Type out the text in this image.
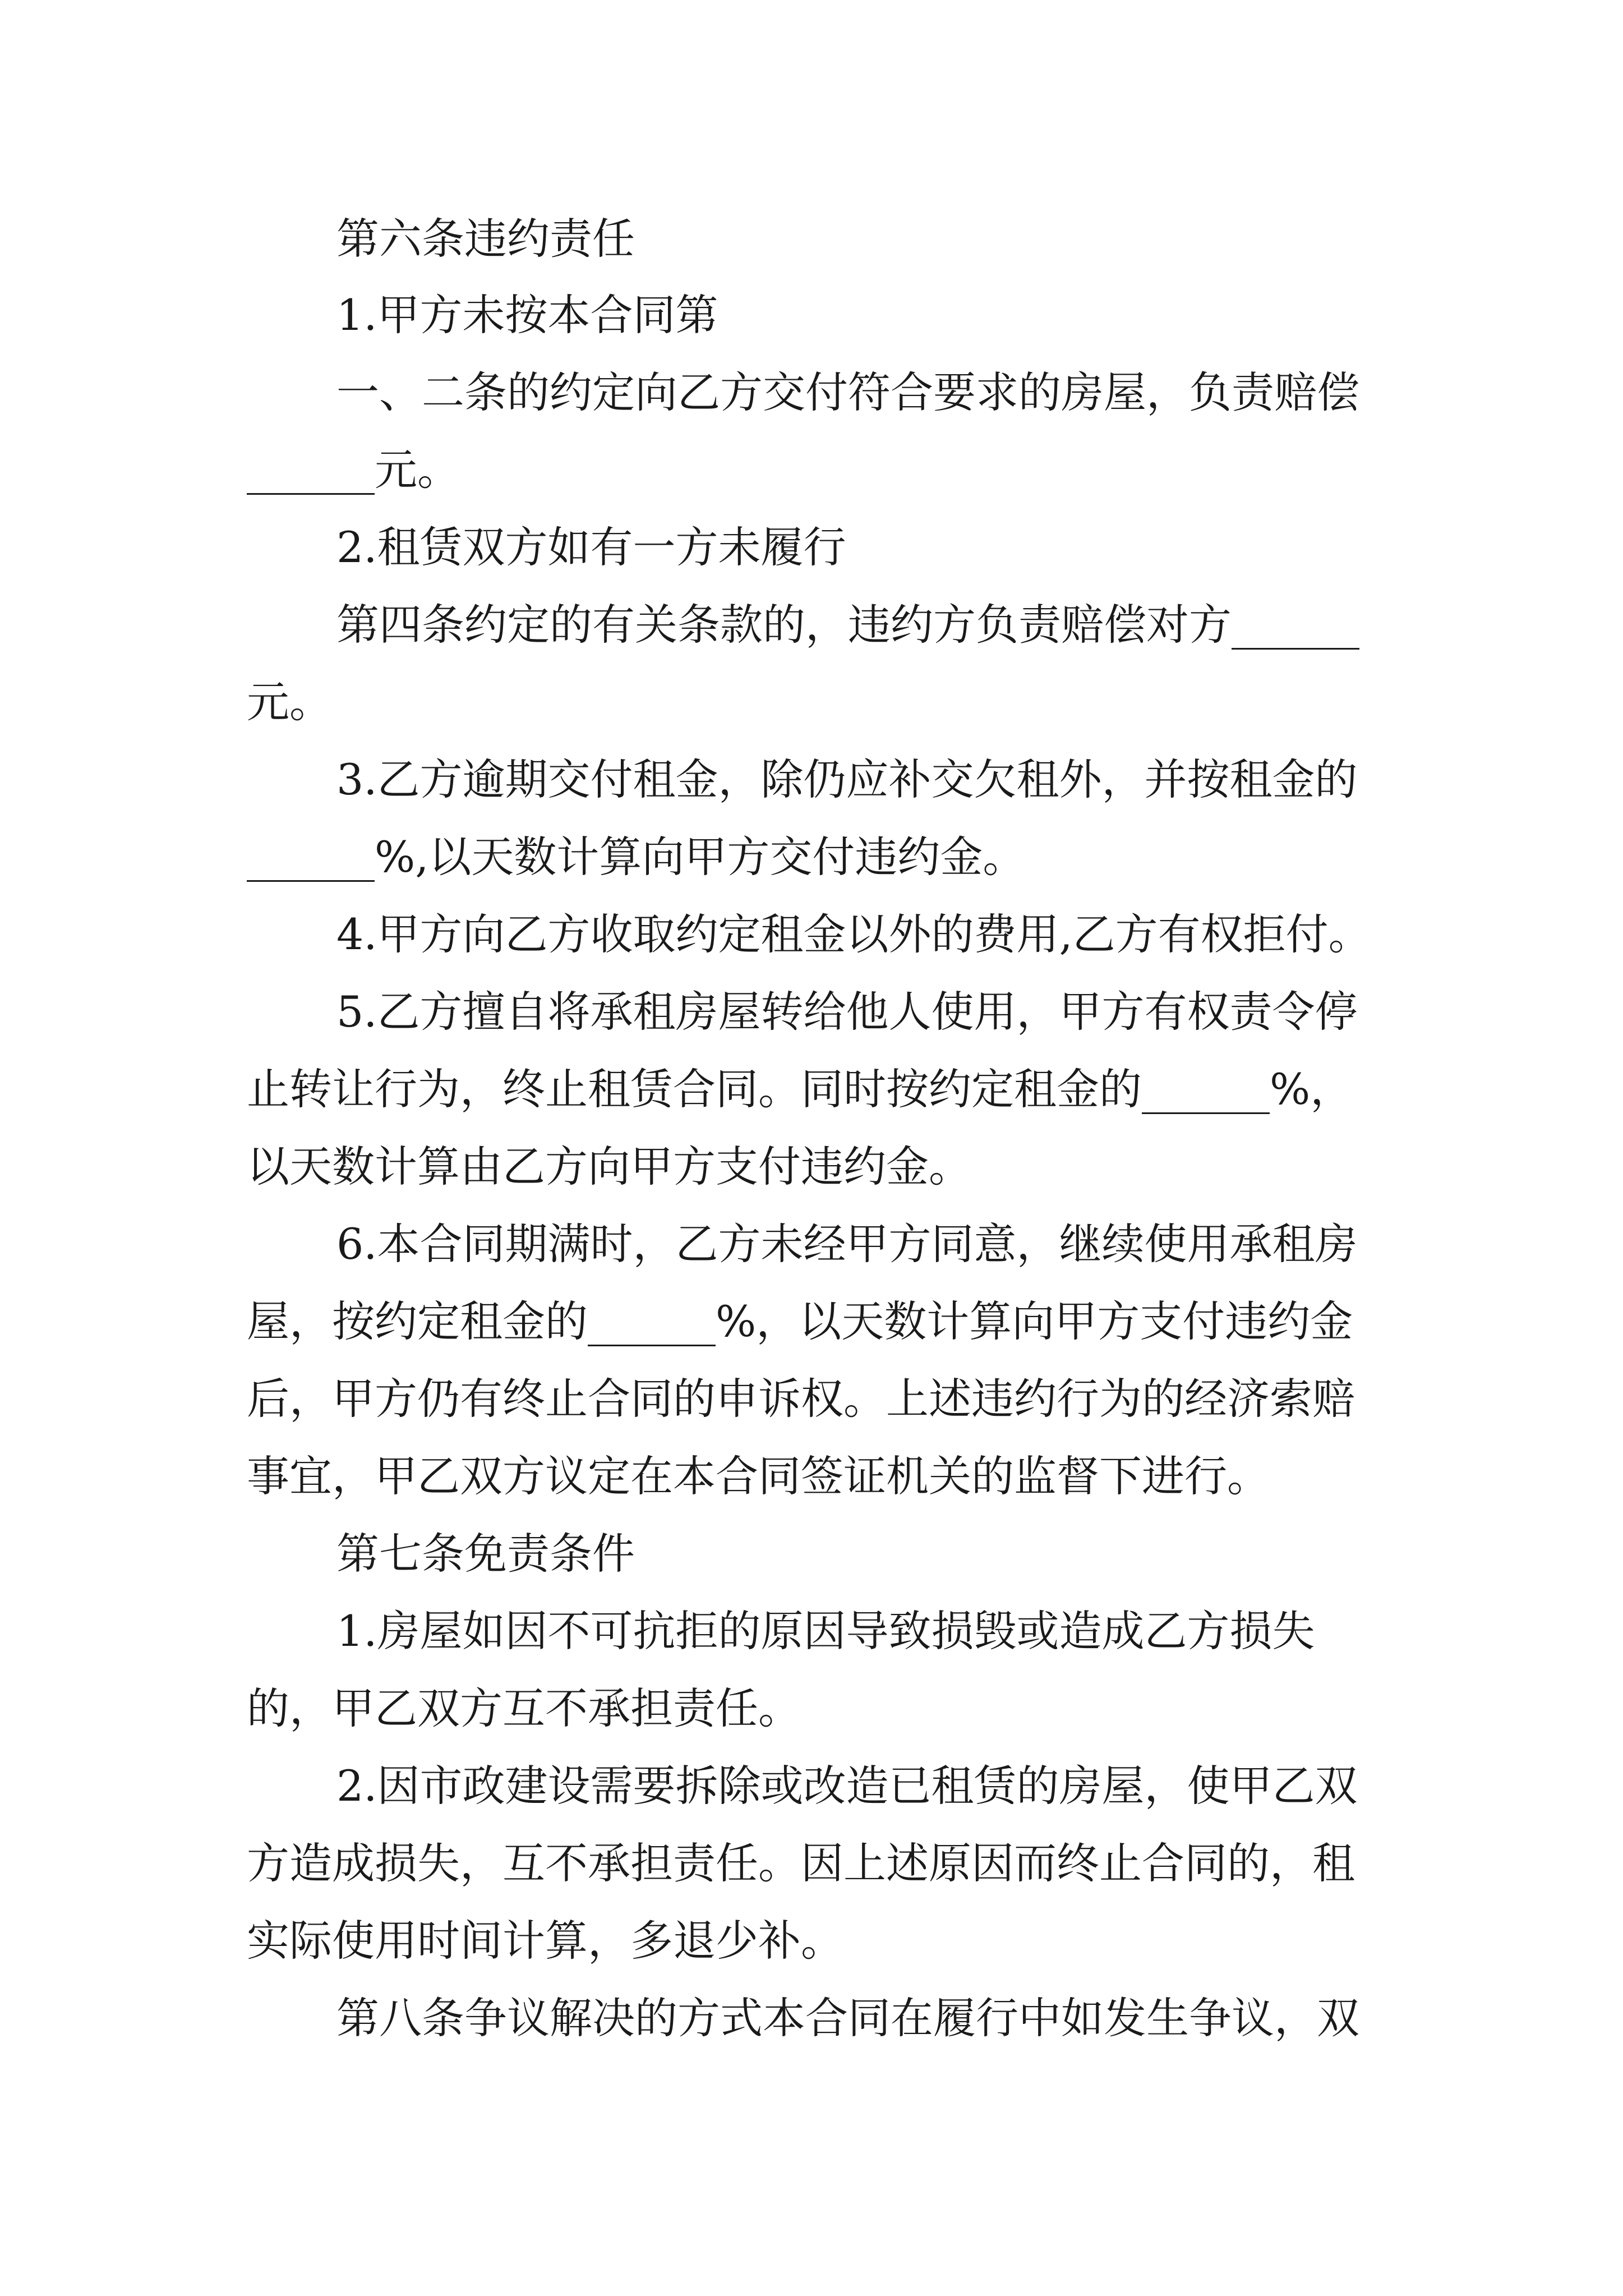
第六条违约责任
1.甲方未按本合同第
一、二条的约定向乙方交付符合要求的房屋，负责赔偿
______元。
2.租赁双方如有一方未履行
第四条约定的有关条款的，违约方负责赔偿对方______
元。
3.乙方逾期交付租金，除仍应补交欠租外，并按租金的
______%,以天数计算向甲方交付违约金。
4.甲方向乙方收取约定租金以外的费用,乙方有权拒付。
5.乙方擅自将承租房屋转给他人使用，甲方有权责令停
止转让行为，终止租赁合同。同时按约定租金的______%，
以天数计算由乙方向甲方支付违约金。
6.本合同期满时，乙方未经甲方同意，继续使用承租房
屋，按约定租金的______%，以天数计算向甲方支付违约金
后，甲方仍有终止合同的申诉权。上述违约行为的经济索赔
事宜，甲乙双方议定在本合同签证机关的监督下进行。
第七条免责条件
1.房屋如因不可抗拒的原因导致损毁或造成乙方损失
的，甲乙双方互不承担责任。
2.因市政建设需要拆除或改造已租赁的房屋，使甲乙双
方造成损失，互不承担责任。因上述原因而终止合同的，租
实际使用时间计算，多退少补。
第八条争议解决的方式本合同在履行中如发生争议，双
